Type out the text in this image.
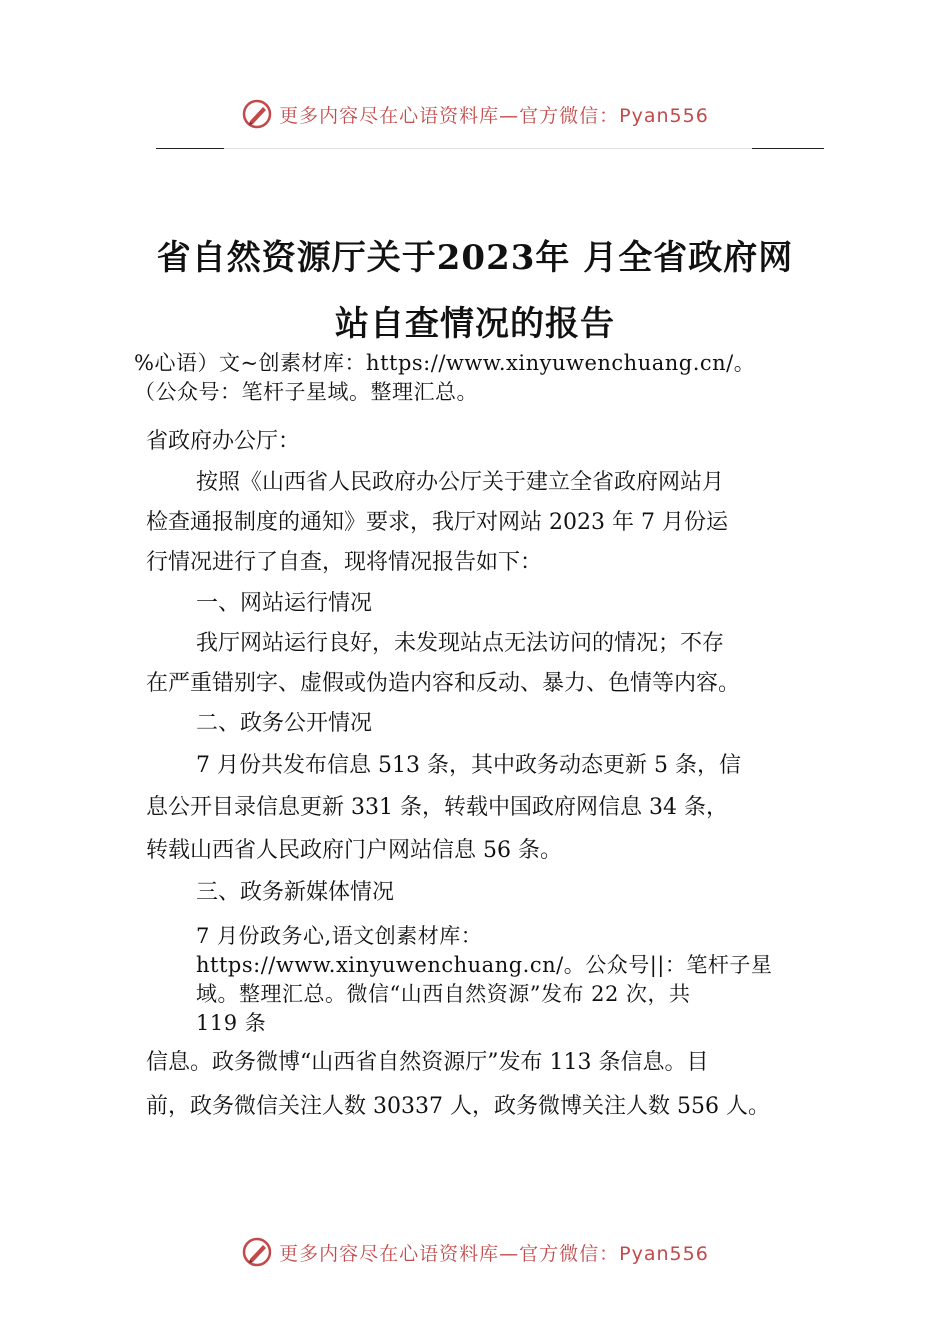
更多内容尽在心语资料库—官方微信：Pyan556
省自然资源厅关于2023年 月全省政府网
站自查情况的报告
%心语）文~创素材库：https://www.xinyuwenchuang.cn/。
（公众号：笔杆子星域。整理汇总。
省政府办公厅：
按照《山西省人民政府办公厅关于建立全省政府网站月
检查通报制度的通知》要求，我厅对网站 2023 年 7 月份运
行情况进行了自查，现将情况报告如下：
一、网站运行情况
我厅网站运行良好，未发现站点无法访问的情况；不存
在严重错别字、虚假或伪造内容和反动、暴力、色情等内容。
二、政务公开情况
7 月份共发布信息 513 条，其中政务动态更新 5 条，信
息公开目录信息更新 331 条，转载中国政府网信息 34 条，
转载山西省人民政府门户网站信息 56 条。
三、政务新媒体情况
7 月份政务心,语文创素材库：
https://www.xinyuwenchuang.cn/。公众号||：笔杆子星
域。整理汇总。微信“山西自然资源”发布 22 次，共
119 条
信息。政务微博“山西省自然资源厅”发布 113 条信息。目
前，政务微信关注人数 30337 人，政务微博关注人数 556 人。
更多内容尽在心语资料库—官方微信：Pyan556
